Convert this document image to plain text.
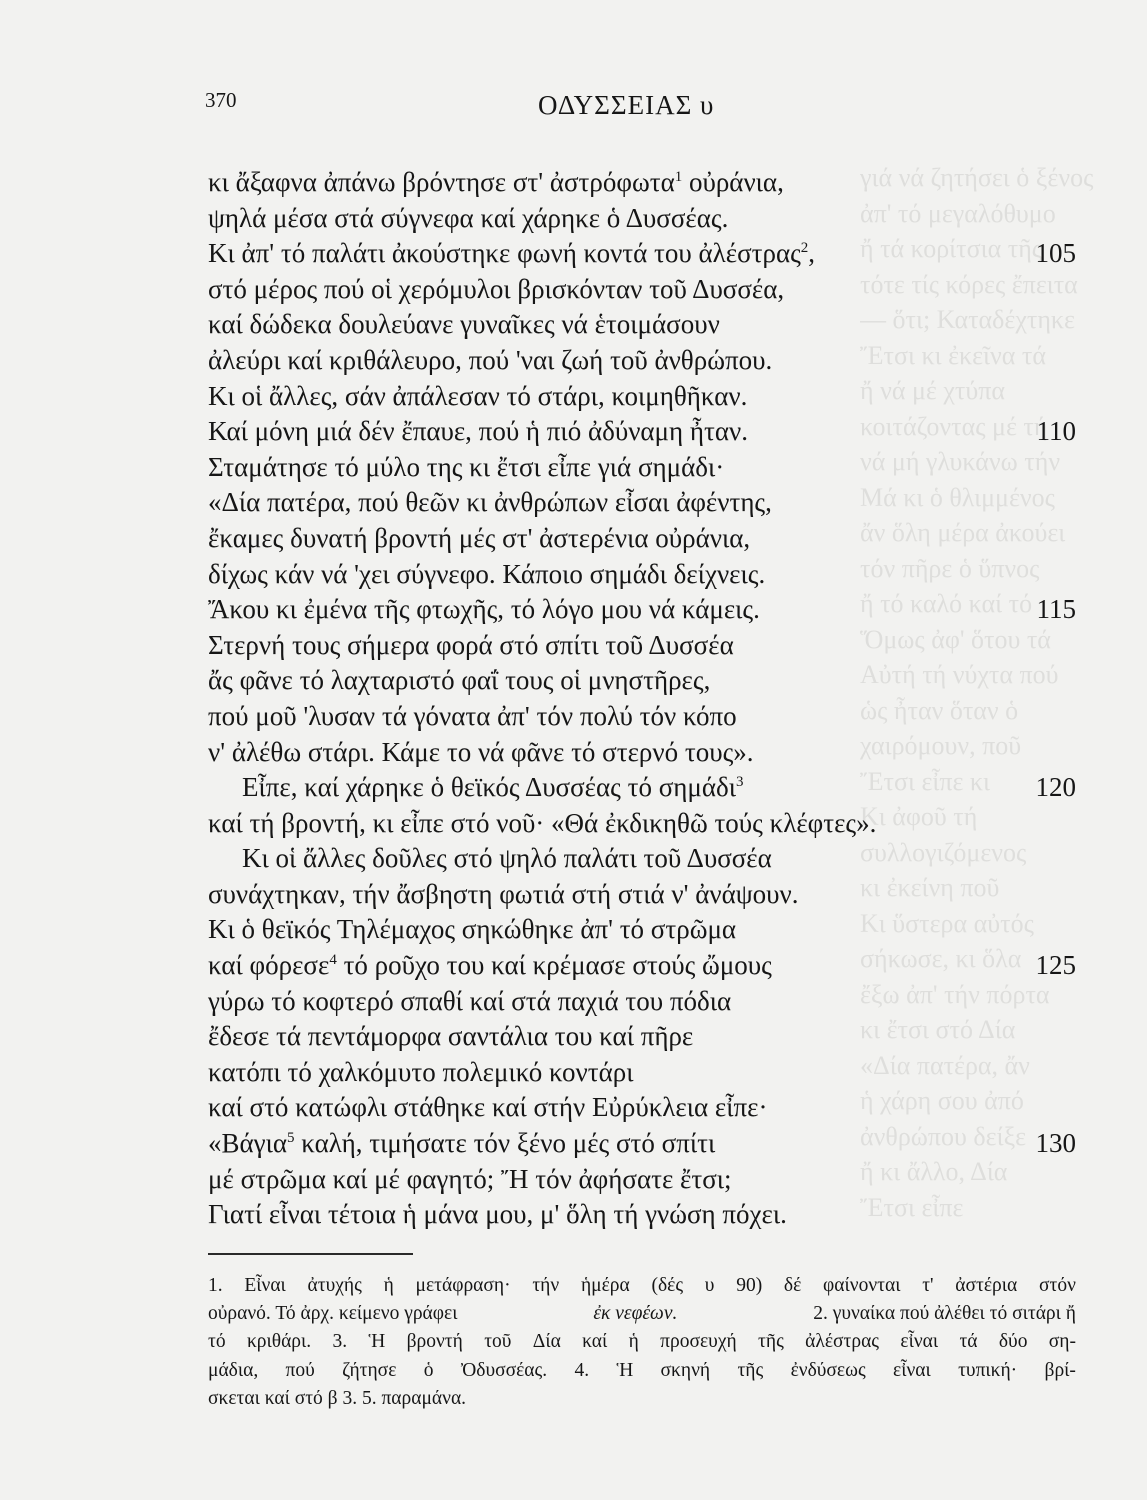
γιά νά ζητήσει ὁ ξένος
ἀπ' τό μεγαλόθυμο
ἤ τά κορίτσια τῆς
τότε τίς κόρες ἔπειτα
— ὅτι; Καταδέχτηκε
Ἔτσι κι ἐκεῖνα τά
ἤ νά μέ χτύπα
κοιτάζοντας μέ τή
νά μή γλυκάνω τήν
Μά κι ὁ θλιμμένος
ἄν ὅλη μέρα ἀκούει
τόν πῆρε ὁ ὕπνος
ἤ τό καλό καί τό
Ὅμως ἀφ' ὅτου τά
Αὐτή τή νύχτα πού
ὡς ἦταν ὅταν ὁ
χαιρόμουν, ποῦ
Ἔτσι εἶπε κι
Κι ἀφοῦ τή
συλλογιζόμενος
κι ἐκείνη ποῦ
Κι ὕστερα αὐτός
σήκωσε, κι ὅλα
ἔξω ἀπ' τήν πόρτα
κι ἔτσι στό Δία
«Δία πατέρα, ἄν
ἡ χάρη σου ἀπό
ἀνθρώπου δείξε
ἤ κι ἄλλο, Δία
Ἔτσι εἶπε
370	ΟΔΥΣΣΕΙΑΣ υ
κι ἄξαφνα ἀπάνω βρόντησε στ' ἀστρόφωτα$^1$ οὐράνια,
ψηλά μέσα στά σύγνεφα καί χάρηκε ὁ Δυσσέας.
Κι ἀπ' τό παλάτι ἀκούστηκε φωνή κοντά του ἀλέστρας$^2$,	105
στό μέρος πού οἱ χερόμυλοι βρισκόνταν τοῦ Δυσσέα,
καί δώδεκα δουλεύανε γυναῖκες νά ἑτοιμάσουν
ἀλεύρι καί κριθάλευρο, πού 'ναι ζωή τοῦ ἀνθρώπου.
Κι οἱ ἄλλες, σάν ἀπάλεσαν τό στάρι, κοιμηθῆκαν.
Καί μόνη μιά δέν ἔπαυε, πού ἡ πιό ἀδύναμη ἦταν.	110
Σταμάτησε τό μύλο της κι ἔτσι εἶπε γιά σημάδι·
«Δία πατέρα, πού θεῶν κι ἀνθρώπων εἶσαι ἀφέντης,
ἔκαμες δυνατή βροντή μές στ' ἀστερένια οὐράνια,
δίχως κάν νά 'χει σύγνεφο. Κάποιο σημάδι δείχνεις.
Ἄκου κι ἐμένα τῆς φτωχῆς, τό λόγο μου νά κάμεις.	115
Στερνή τους σήμερα φορά στό σπίτι τοῦ Δυσσέα
ἄς φᾶνε τό λαχταριστό φαΐ τους οἱ μνηστῆρες,
πού μοῦ 'λυσαν τά γόνατα ἀπ' τόν πολύ τόν κόπο
ν' ἀλέθω στάρι. Κάμε το νά φᾶνε τό στερνό τους».
Εἶπε, καί χάρηκε ὁ θεϊκός Δυσσέας τό σημάδι$^3$	120
καί τή βροντή, κι εἶπε στό νοῦ· «Θά ἐκδικηθῶ τούς κλέφτες».
Κι οἱ ἄλλες δοῦλες στό ψηλό παλάτι τοῦ Δυσσέα
συνάχτηκαν, τήν ἄσβηστη φωτιά στή στιά ν' ἀνάψουν.
Κι ὁ θεϊκός Τηλέμαχος σηκώθηκε ἀπ' τό στρῶμα
καί φόρεσε$^4$ τό ροῦχο του καί κρέμασε στούς ὤμους	125
γύρω τό κοφτερό σπαθί καί στά παχιά του πόδια
ἔδεσε τά πεντάμορφα σαντάλια του καί πῆρε
κατόπι τό χαλκόμυτο πολεμικό κοντάρι
καί στό κατώφλι στάθηκε καί στήν Εὐρύκλεια εἶπε·
«Βάγια$^5$ καλή, τιμήσατε τόν ξένο μές στό σπίτι	130
μέ στρῶμα καί μέ φαγητό; Ἤ τόν ἀφήσατε ἔτσι;
Γιατί εἶναι τέτοια ἡ μάνα μου, μ' ὅλη τή γνώση πόχει.
1. Εἶναι ἀτυχής ἡ μετάφραση· τήν ἡμέρα (δές υ 90) δέ φαίνονται τ' ἀστέρια στόν
οὐρανό. Τό ἀρχ. κείμενο γράφει	ἐκ νεφέων.	2. γυναίκα πού ἀλέθει τό σιτάρι ἤ
τό κριθάρι. 3. Ἡ βροντή τοῦ Δία καί ἡ προσευχή τῆς ἀλέστρας εἶναι τά δύο ση-
μάδια, πού ζήτησε ὁ Ὀδυσσέας. 4. Ἡ σκηνή τῆς ἐνδύσεως εἶναι τυπική· βρί-
σκεται καί στό β 3. 5. παραμάνα.
